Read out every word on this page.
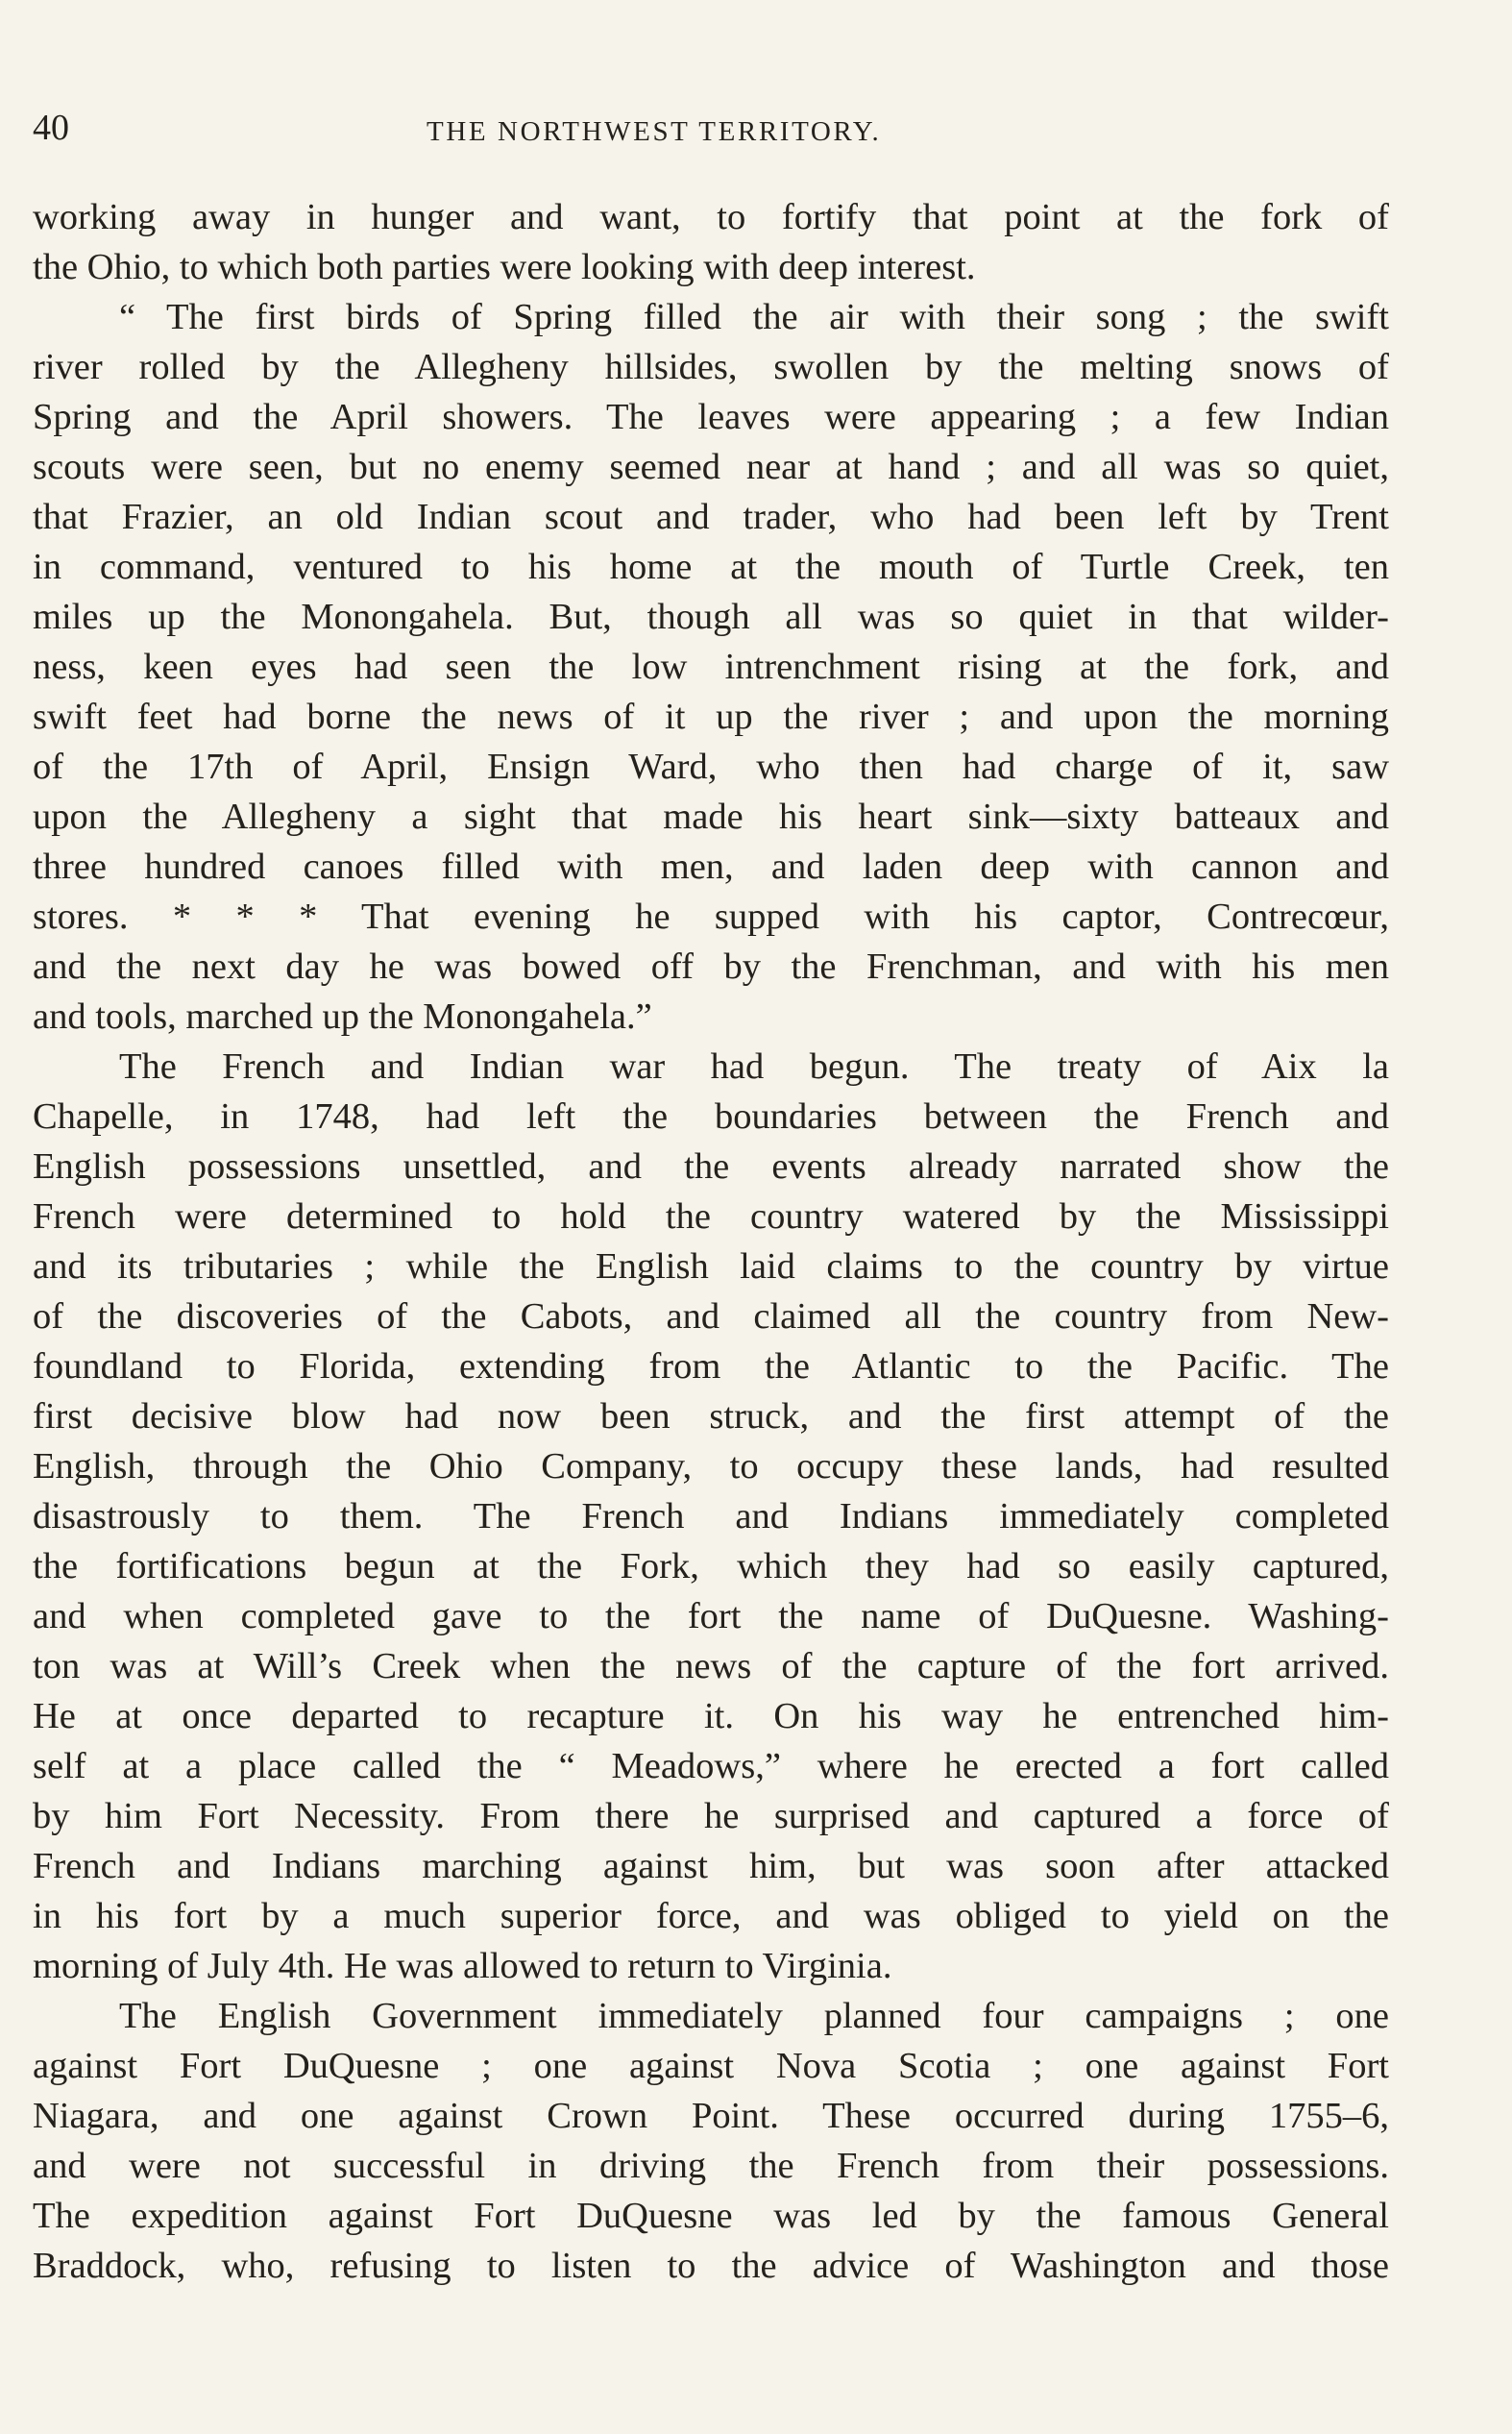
40	THE NORTHWEST TERRITORY.
working away in hunger and want, to fortify that point at the fork of
the Ohio, to which both parties were looking with deep interest.
“ The first birds of Spring filled the air with their song ; the swift
river rolled by the Allegheny hillsides, swollen by the melting snows of
Spring and the April showers. The leaves were appearing ; a few Indian
scouts were seen, but no enemy seemed near at hand ; and all was so quiet,
that Frazier, an old Indian scout and trader, who had been left by Trent
in command, ventured to his home at the mouth of Turtle Creek, ten
miles up the Monongahela. But, though all was so quiet in that wilder-
ness, keen eyes had seen the low intrenchment rising at the fork, and
swift feet had borne the news of it up the river ; and upon the morning
of the 17th of April, Ensign Ward, who then had charge of it, saw
upon the Allegheny a sight that made his heart sink—sixty batteaux and
three hundred canoes filled with men, and laden deep with cannon and
stores. * * * That evening he supped with his captor, Contrecœur,
and the next day he was bowed off by the Frenchman, and with his men
and tools, marched up the Monongahela.”
The French and Indian war had begun. The treaty of Aix la
Chapelle, in 1748, had left the boundaries between the French and
English possessions unsettled, and the events already narrated show the
French were determined to hold the country watered by the Mississippi
and its tributaries ; while the English laid claims to the country by virtue
of the discoveries of the Cabots, and claimed all the country from New-
foundland to Florida, extending from the Atlantic to the Pacific. The
first decisive blow had now been struck, and the first attempt of the
English, through the Ohio Company, to occupy these lands, had resulted
disastrously to them. The French and Indians immediately completed
the fortifications begun at the Fork, which they had so easily captured,
and when completed gave to the fort the name of DuQuesne. Washing-
ton was at Will’s Creek when the news of the capture of the fort arrived.
He at once departed to recapture it. On his way he entrenched him-
self at a place called the “ Meadows,” where he erected a fort called
by him Fort Necessity. From there he surprised and captured a force of
French and Indians marching against him, but was soon after attacked
in his fort by a much superior force, and was obliged to yield on the
morning of July 4th. He was allowed to return to Virginia.
The English Government immediately planned four campaigns ; one
against Fort DuQuesne ; one against Nova Scotia ; one against Fort
Niagara, and one against Crown Point. These occurred during 1755–6,
and were not successful in driving the French from their possessions.
The expedition against Fort DuQuesne was led by the famous General
Braddock, who, refusing to listen to the advice of Washington and those
